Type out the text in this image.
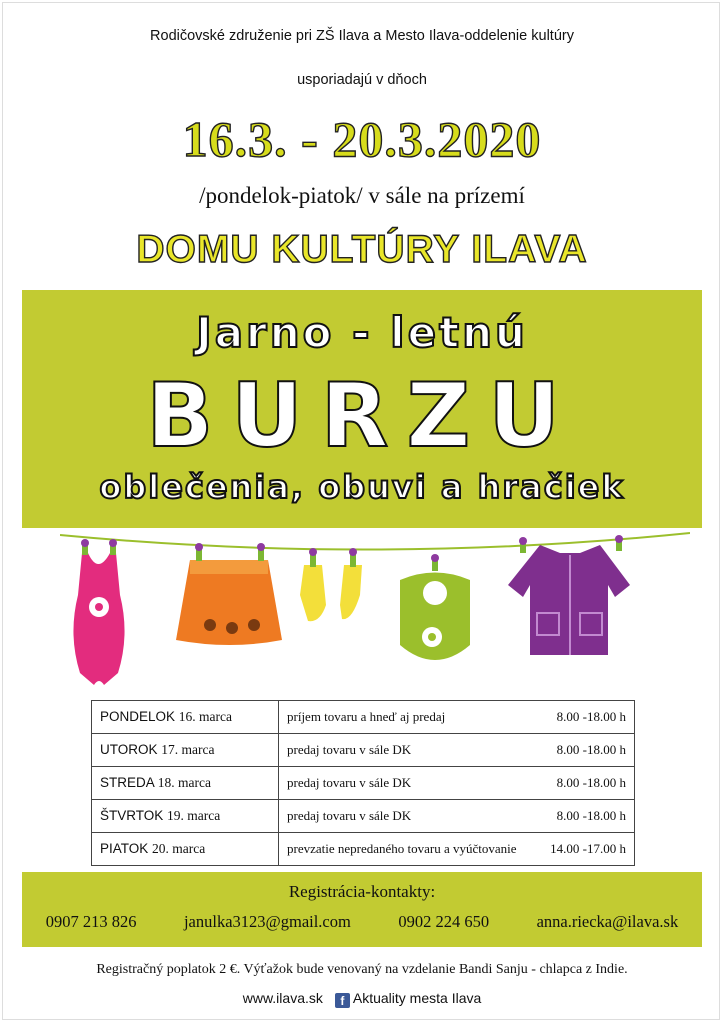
Rodičovské združenie pri ZŠ Ilava a Mesto Ilava-oddelenie kultúry
usporiadajú v dňoch
16.3. - 20.3.2020
/pondelok-piatok/ v sále na prízemí
DOMU KULTÚRY ILAVA
Jarno - letnú
BURZU
oblečenia, obuvi a hračiek
PONDELOK 16. marca	príjem tovaru a hneď aj predaj 8.00 -18.00 h

UTOROK 17. marca	predaj tovaru v sále DK 8.00 -18.00 h

STREDA 18. marca	predaj tovaru v sále DK 8.00 -18.00 h

ŠTVRTOK 19. marca	predaj tovaru v sále DK 8.00 -18.00 h

PIATOK 20. marca	prevzatie nepredaného tovaru a vyúčtovanie 14.00 -17.00 h
Registrácia-kontakty:
0907 213 826	janulka3123@gmail.com	0902 224 650	anna.riecka@ilava.sk
Registračný poplatok 2 €. Výťažok bude venovaný na vzdelanie Bandi Sanju - chlapca z Indie.
www.ilava.sk f Aktuality mesta Ilava
